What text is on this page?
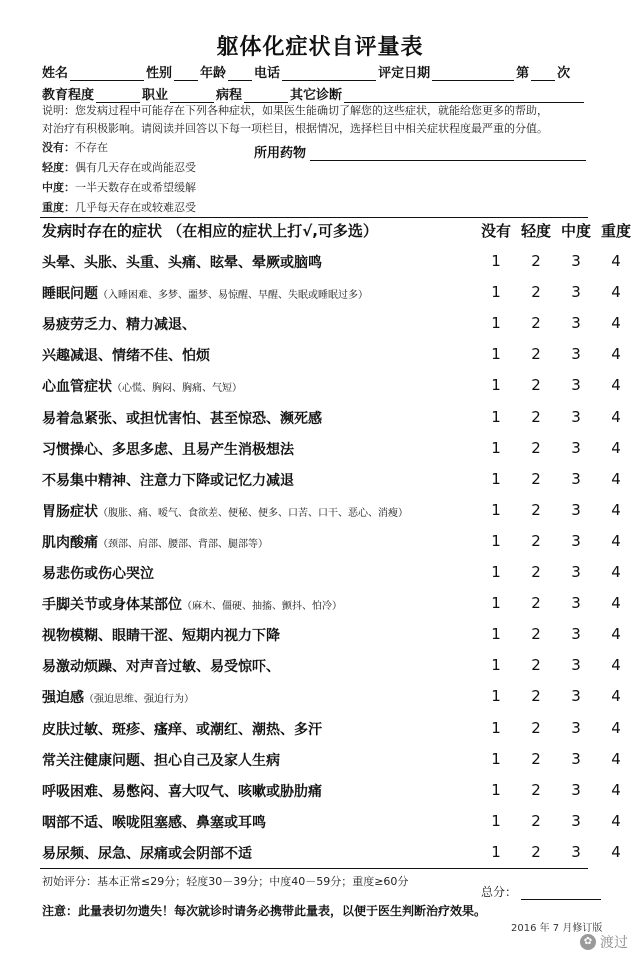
躯体化症状自评量表
姓名	性别 年龄 电话	评定日期	第 次
教育程度	职业	病程	其它诊断
说明：您发病过程中可能存在下列各种症状，如果医生能确切了解您的这些症状，就能给您更多的帮助，
对治疗有积极影响。请阅读并回答以下每一项栏目，根据情况，选择栏目中相关症状程度最严重的分值。
没有：不存在
轻度：偶有几天存在或尚能忍受
中度：一半天数存在或希望缓解
重度：几乎每天存在或较难忍受
所用药物
发病时存在的症状 （在相应的症状上打√,可多选）	没有 轻度 中度 重度
头晕、头胀、头重、头痛、眩晕、晕厥或脑鸣	1	2	3	4
睡眠问题（入睡困难、多梦、噩梦、易惊醒、早醒、失眠或睡眠过多）	1	2	3	4
易疲劳乏力、精力减退、	1	2	3	4
兴趣减退、情绪不佳、怕烦	1	2	3	4
心血管症状（心慌、胸闷、胸痛、气短）	1	2	3	4
易着急紧张、或担忧害怕、甚至惊恐、濒死感	1	2	3	4
习惯操心、多思多虑、且易产生消极想法	1	2	3	4
不易集中精神、注意力下降或记忆力减退	1	2	3	4
胃肠症状（腹胀、痛、嗳气、食欲差、便秘、便多、口苦、口干、恶心、消瘦）	1	2	3	4
肌肉酸痛（颈部、肩部、腰部、背部、腿部等）	1	2	3	4
易悲伤或伤心哭泣	1	2	3	4
手脚关节或身体某部位（麻木、僵硬、抽搐、颤抖、怕冷）	1	2	3	4
视物模糊、眼睛干涩、短期内视力下降	1	2	3	4
易激动烦躁、对声音过敏、易受惊吓、	1	2	3	4
强迫感（强迫思维、强迫行为）	1	2	3	4
皮肤过敏、斑疹、瘙痒、或潮红、潮热、多汗	1	2	3	4
常关注健康问题、担心自己及家人生病	1	2	3	4
呼吸困难、易憋闷、喜大叹气、咳嗽或胁肋痛	1	2	3	4
咽部不适、喉咙阻塞感、鼻塞或耳鸣	1	2	3	4
易尿频、尿急、尿痛或会阴部不适	1	2	3	4
初始评分：基本正常≤29分；轻度30－39分；中度40－59分；重度≥60分
总分：
注意：此量表切勿遗失！每次就诊时请务必携带此量表，以便于医生判断治疗效果。
2016 年 7 月修订版
✿ 渡过
